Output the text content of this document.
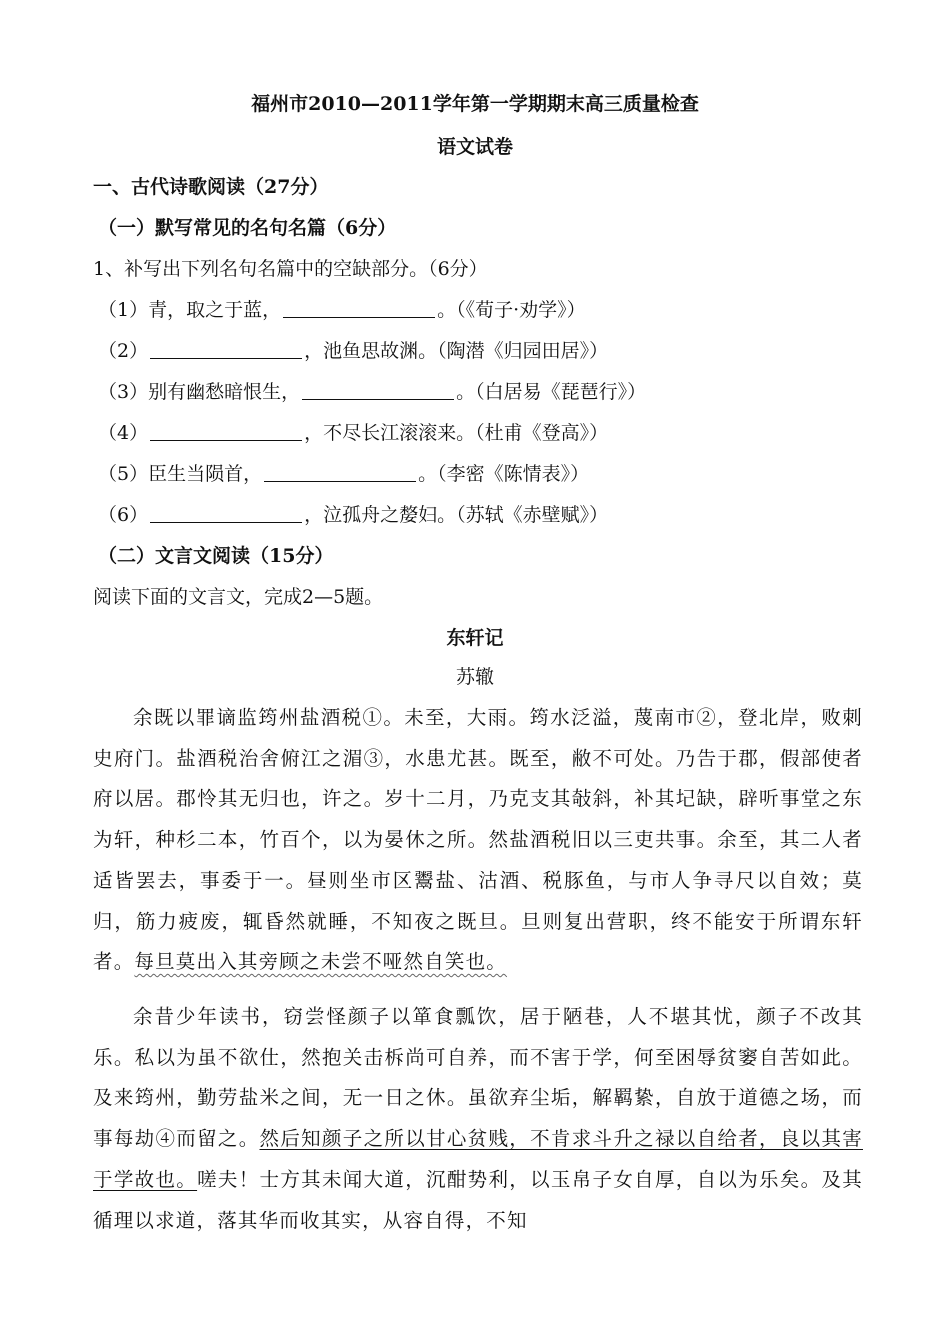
福州市2010—2011学年第一学期期末高三质量检查
语文试卷
一、古代诗歌阅读（27分）
（一）默写常见的名句名篇（6分）
1、补写出下列名句名篇中的空缺部分。（6分）
（1）青，取之于蓝，	。（《荀子·劝学》）
（2）	，池鱼思故渊。（陶潜《归园田居》）
（3）别有幽愁暗恨生，	。（白居易《琵琶行》）
（4）	，不尽长江滚滚来。（杜甫《登高》）
（5）臣生当陨首，	。（李密《陈情表》）
（6）	，泣孤舟之嫠妇。（苏轼《赤壁赋》）
（二）文言文阅读（15分）
阅读下面的文言文，完成2—5题。
东轩记
苏辙
余既以罪谪监筠州盐酒税①。未至，大雨。筠水泛溢，蔑南市②，登北岸，败刺史府门。盐酒税治舍俯江之湄③，水患尤甚。既至，敝不可处。乃告于郡，假部使者府以居。郡怜其无归也，许之。岁十二月，乃克支其敧斜，补其圮缺，辟听事堂之东为轩，种杉二本，竹百个，以为晏休之所。然盐酒税旧以三吏共事。余至，其二人者适皆罢去，事委于一。昼则坐市区鬻盐、沽酒、税豚鱼，与市人争寻尺以自效；莫归，筋力疲废，辄昏然就睡，不知夜之既旦。旦则复出营职，终不能安于所谓东轩者。每旦莫出入其旁顾之未尝不哑然自笑也。
余昔少年读书，窃尝怪颜子以箪食瓢饮，居于陋巷，人不堪其忧，颜子不改其乐。私以为虽不欲仕，然抱关击柝尚可自养，而不害于学，何至困辱贫窭自苦如此。及来筠州，勤劳盐米之间，无一日之休。虽欲弃尘垢，解羁絷，自放于道德之场，而事每劫④而留之。然后知颜子之所以甘心贫贱，不肯求斗升之禄以自给者，良以其害于学故也。嗟夫！士方其未闻大道，沉酣势利，以玉帛子女自厚，自以为乐矣。及其循理以求道，落其华而收其实，从容自得，不知
